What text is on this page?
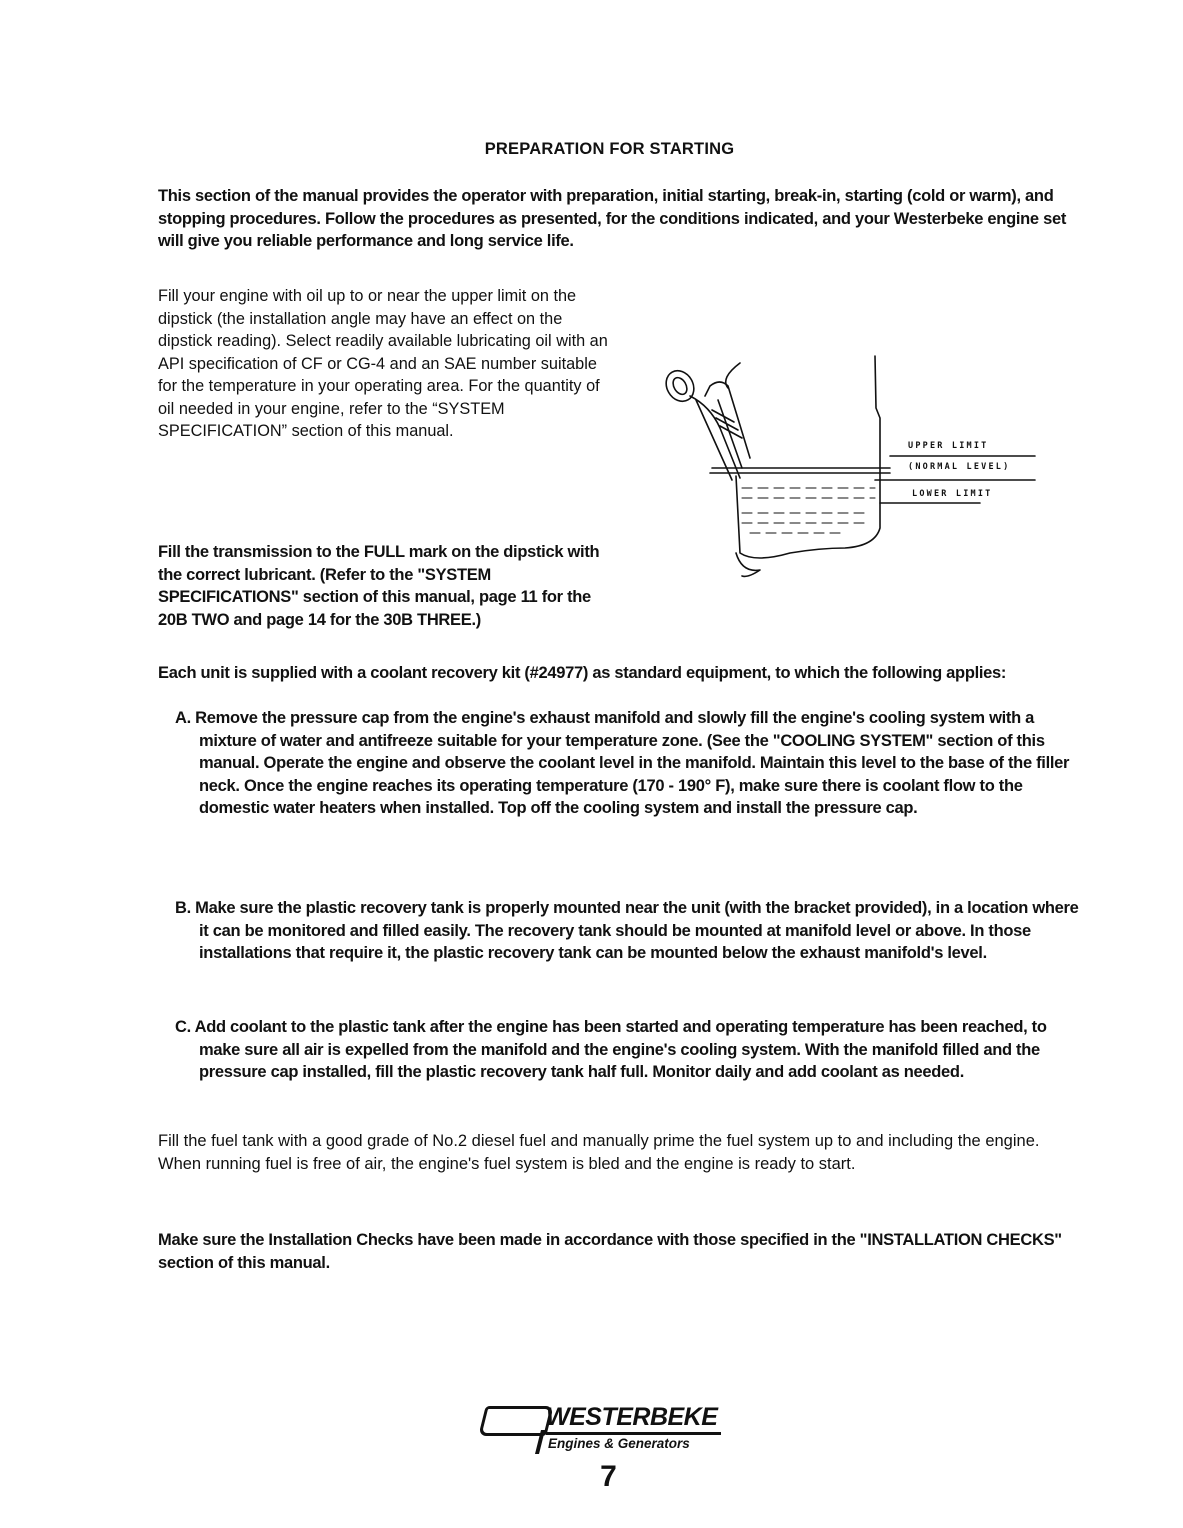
PREPARATION FOR STARTING

This section of the manual provides the operator with preparation, initial starting, break-in, starting (cold or warm), and stopping procedures. Follow the procedures as presented, for the conditions indicated, and your Westerbeke engine set will give you reliable performance and long service life.

Fill your engine with oil up to or near the upper limit on the dipstick (the installation angle may have an effect on the dipstick reading). Select readily available lubricating oil with an API specification of CF or CG-4 and an SAE number suitable for the temperature in your operating area. For the quantity of oil needed in your engine, refer to the “SYSTEM SPECIFICATION” section of this manual.

UPPER LIMIT
(NORMAL LEVEL)
LOWER LIMIT

Fill the transmission to the FULL mark on the dipstick with the correct lubricant. (Refer to the "SYSTEM SPECIFICATIONS" section of this manual, page 11 for the 20B TWO and page 14 for the 30B THREE.)

Each unit is supplied with a coolant recovery kit (#24977) as standard equipment, to which the following applies:

A. Remove the pressure cap from the engine's exhaust manifold and slowly fill the engine's cooling system with a mixture of water and antifreeze suitable for your temperature zone. (See the "COOLING SYSTEM" section of this manual. Operate the engine and observe the coolant level in the manifold. Maintain this level to the base of the filler neck. Once the engine reaches its operating temperature (170 - 190° F), make sure there is coolant flow to the domestic water heaters when installed. Top off the cooling system and install the pressure cap.

B. Make sure the plastic recovery tank is properly mounted near the unit (with the bracket provided), in a location where it can be monitored and filled easily. The recovery tank should be mounted at manifold level or above. In those installations that require it, the plastic recovery tank can be mounted below the exhaust manifold's level.

C. Add coolant to the plastic tank after the engine has been started and operating temperature has been reached, to make sure all air is expelled from the manifold and the engine's cooling system. With the manifold filled and the pressure cap installed, fill the plastic recovery tank half full. Monitor daily and add coolant as needed.

Fill the fuel tank with a good grade of No.2 diesel fuel and manually prime the fuel system up to and including the engine. When running fuel is free of air, the engine's fuel system is bled and the engine is ready to start.

Make sure the Installation Checks have been made in accordance with those specified in the "INSTALLATION CHECKS" section of this manual.

WESTERBEKE
Engines & Generators
7
